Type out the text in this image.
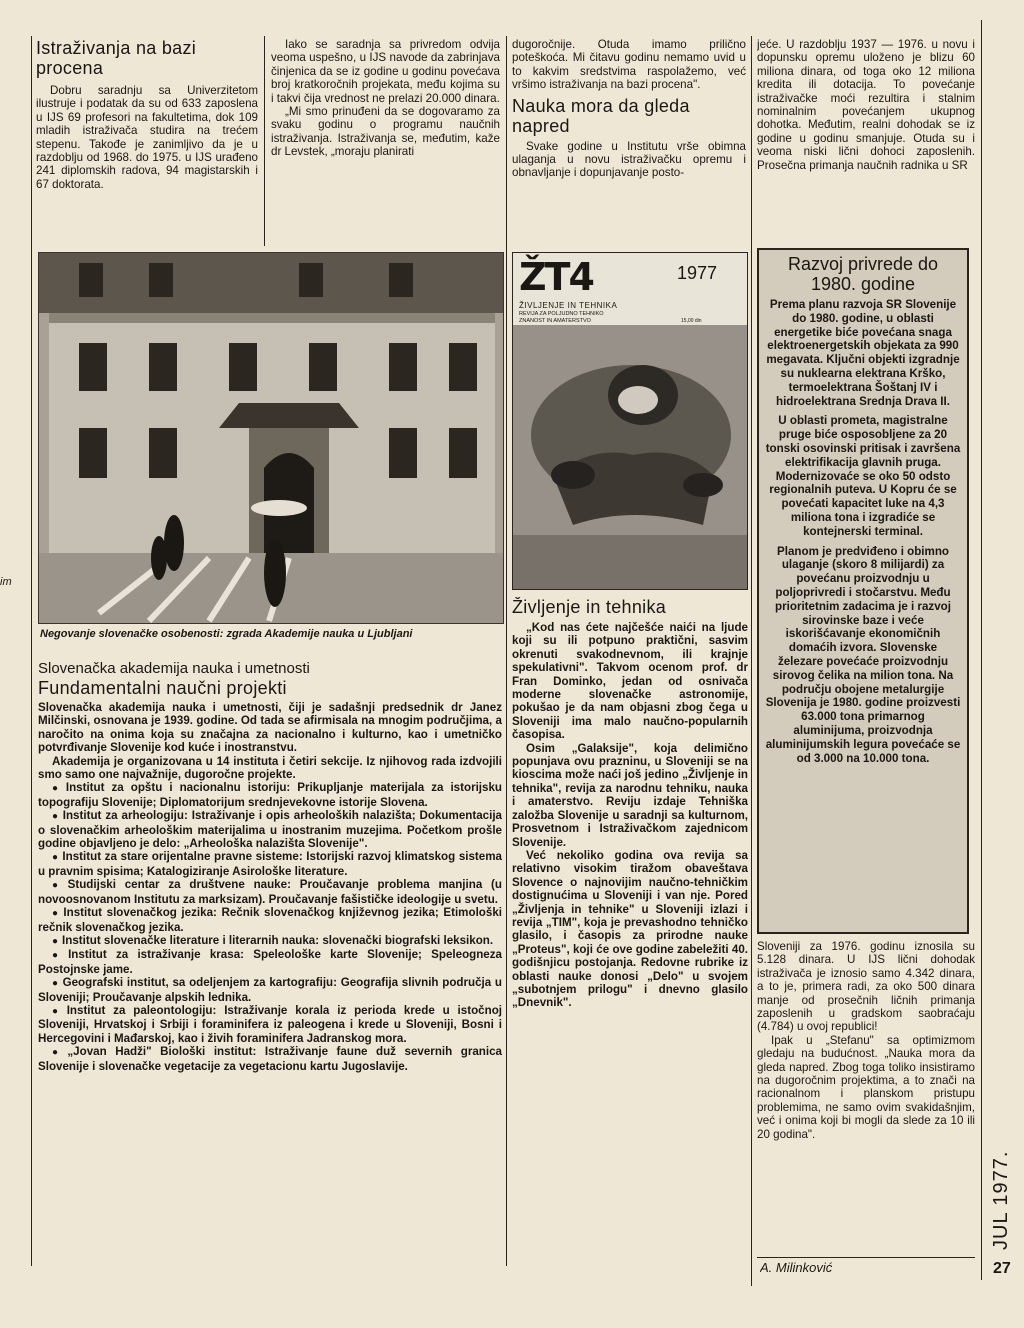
im
Istraživanja na bazi procena

Dobru saradnju sa Univerzitetom ilustruje i podatak da su od 633 zaposlena u IJS 69 profesori na fakultetima, dok 109 mladih istraživača studira na trećem stepenu. Takođe je zanimljivo da je u razdoblju od 1968. do 1975. u IJS urađeno 241 diplomskih radova, 94 magistarskih i 67 doktorata.

Iako se saradnja sa privredom odvija veoma uspešno, u IJS navode da zabrinjava činjenica da se iz godine u godinu povećava broj kratkoročnih projekata, među kojima su i takvi čija vrednost ne prelazi 20.000 dinara.

„Mi smo prinuđeni da se dogovaramo za svaku godinu o programu naučnih istraživanja. Istraživanja se, međutim, kaže dr Levstek, „moraju planirati

dugoročnije. Otuda imamo prilično poteškoća. Mi čitavu godinu nemamo uvid u to kakvim sredstvima raspolažemo, već vršimo istraživanja na bazi procena".

Nauka mora da gleda napred

Svake godine u Institutu vrše obimna ulaganja u novu istraživačku opremu i obnavljanje i dopunjavanje posto-

jeće. U razdoblju 1937 — 1976. u novu i dopunsku opremu uloženo je blizu 60 miliona dinara, od toga oko 12 miliona kredita ili dotacija. To povećanje istraživačke moći rezultira i stalnim nominalnim povećanjem ukupnog dohotka. Međutim, realni dohodak se iz godine u godinu smanjuje. Otuda su i veoma niski lični dohoci zaposlenih. Prosečna primanja naučnih radnika u SR

Negovanje slovenačke osobenosti: zgrada Akademije nauka u Ljubljani
Slovenačka akademija nauka i umetnosti
Fundamentalni naučni projekti

Slovenačka akademija nauka i umetnosti, čiji je sadašnji predsednik dr Janez Milčinski, osnovana je 1939. godine. Od tada se afirmisala na mnogim područjima, a naročito na onima koja su značajna za nacionalno i kulturno, kao i umetničko potvrđivanje Slovenije kod kuće i inostranstvu.

Akademija je organizovana u 14 instituta i četiri sekcije. Iz njihovog rada izdvojili smo samo one najvažnije, dugoročne projekte.

● Institut za opštu i nacionalnu istoriju: Prikupljanje materijala za istorijsku topografiju Slovenije; Diplomatorijum srednjevekovne istorije Slovena.

● Institut za arheologiju: Istraživanje i opis arheoloških nalazišta; Dokumentacija o slovenačkim arheološkim materijalima u inostranim muzejima. Početkom prošle godine objavljeno je delo: „Arheološka nalazišta Slovenije".

● Institut za stare orijentalne pravne sisteme: Istorijski razvoj klimatskog sistema u pravnim spisima; Katalogiziranje Asirološke literature.

● Studijski centar za društvene nauke: Proučavanje problema manjina (u novoosnovanom Institutu za marksizam). Proučavanje fašističke ideologije u svetu.

● Institut slovenačkog jezika: Rečnik slovenačkog književnog jezika; Etimološki rečnik slovenačkog jezika.

● Institut slovenačke literature i literarnih nauka: slovenački biografski leksikon.

● Institut za istraživanje krasa: Speleološke karte Slovenije; Speleogneza Postojnske jame.

● Geografski institut, sa odeljenjem za kartografiju: Geografija slivnih područja u Sloveniji; Proučavanje alpskih lednika.

● Institut za paleontologiju: Istraživanje korala iz perioda krede u istočnoj Sloveniji, Hrvatskoj i Srbiji i foraminifera iz paleogena i krede u Sloveniji, Bosni i Hercegovini i Mađarskoj, kao i živih foraminifera Jadranskog mora.

● „Jovan Hadži" Biološki institut: Istraživanje faune duž severnih granica Slovenije i slovenačke vegetacije za vegetacionu kartu Jugoslavije.

ŽT4	1977
ŽIVLJENJE IN TEHNIKA
REVIJA ZA POLJUDNO TEHNIKO
ZNANOST IN AMATERSTVO	15,00 din
Življenje in tehnika

„Kod nas ćete najčešće naići na ljude koji su ili potpuno praktični, sasvim okrenuti svakodnevnom, ili krajnje spekulativni". Takvom ocenom prof. dr Fran Dominko, jedan od osnivača moderne slovenačke astronomije, pokušao je da nam objasni zbog čega u Sloveniji ima malo naučno-popularnih časopisa.

Osim „Galaksije", koja delimično popunjava ovu prazninu, u Sloveniji se na kioscima može naći još jedino „Življenje in tehnika", revija za narodnu tehniku, nauka i amaterstvo. Reviju izdaje Tehniška založba Slovenije u saradnji sa kulturnom, Prosvetnom i Istraživačkom zajednicom Slovenije.

Već nekoliko godina ova revija sa relativno visokim tiražom obaveštava Slovence o najnovijim naučno-tehničkim dostignućima u Sloveniji i van nje. Pored „Življenja in tehnike" u Sloveniji izlazi i revija „TIM", koja je prevashodno tehničko glasilo, i časopis za prirodne nauke „Proteus", koji će ove godine zabeležiti 40. godišnjicu postojanja. Redovne rubrike iz oblasti nauke donosi „Delo" u svojem „subotnjem prilogu" i dnevno glasilo „Dnevnik".

Razvoj privrede do 1980. godine

Prema planu razvoja SR Slovenije do 1980. godine, u oblasti energetike biće povećana snaga elektroenergetskih objekata za 990 megavata. Ključni objekti izgradnje su nuklearna elektrana Krško, termoelektrana Šoštanj IV i hidroelektrana Srednja Drava II.

U oblasti prometa, magistralne pruge biće osposobljene za 20 tonski osovinski pritisak i završena elektrifikacija glavnih pruga. Modernizovaće se oko 50 odsto regionalnih puteva. U Kopru će se povećati kapacitet luke na 4,3 miliona tona i izgradiće se kontejnerski terminal.

Planom je predviđeno i obimno ulaganje (skoro 8 milijardi) za povećanu proizvodnju u poljoprivredi i stočarstvu. Među prioritetnim zadacima je i razvoj sirovinske baze i veće iskorišćavanje ekonomičnih domaćih izvora. Slovenske železare povećaće proizvodnju sirovog čelika na milion tona. Na području obojene metalurgije Slovenija je 1980. godine proizvesti 63.000 tona primarnog aluminijuma, proizvodnja aluminijumskih legura povećaće se od 3.000 na 10.000 tona.

Sloveniji za 1976. godinu iznosila su 5.128 dinara. U IJS lični dohodak istraživača je iznosio samo 4.342 dinara, a to je, primera radi, za oko 500 dinara manje od prosečnih ličnih primanja zaposlenih u gradskom saobraćaju (4.784) u ovoj republici!

Ipak u „Stefanu" sa optimizmom gledaju na budućnost. „Nauka mora da gleda napred. Zbog toga toliko insistiramo na dugoročnim projektima, a to znači na racionalnom i planskom pristupu problemima, ne samo ovim svakidašnjim, već i onima koji bi mogli da slede za 10 ili 20 godina".

A. Milinković
JUL 1977.
27
